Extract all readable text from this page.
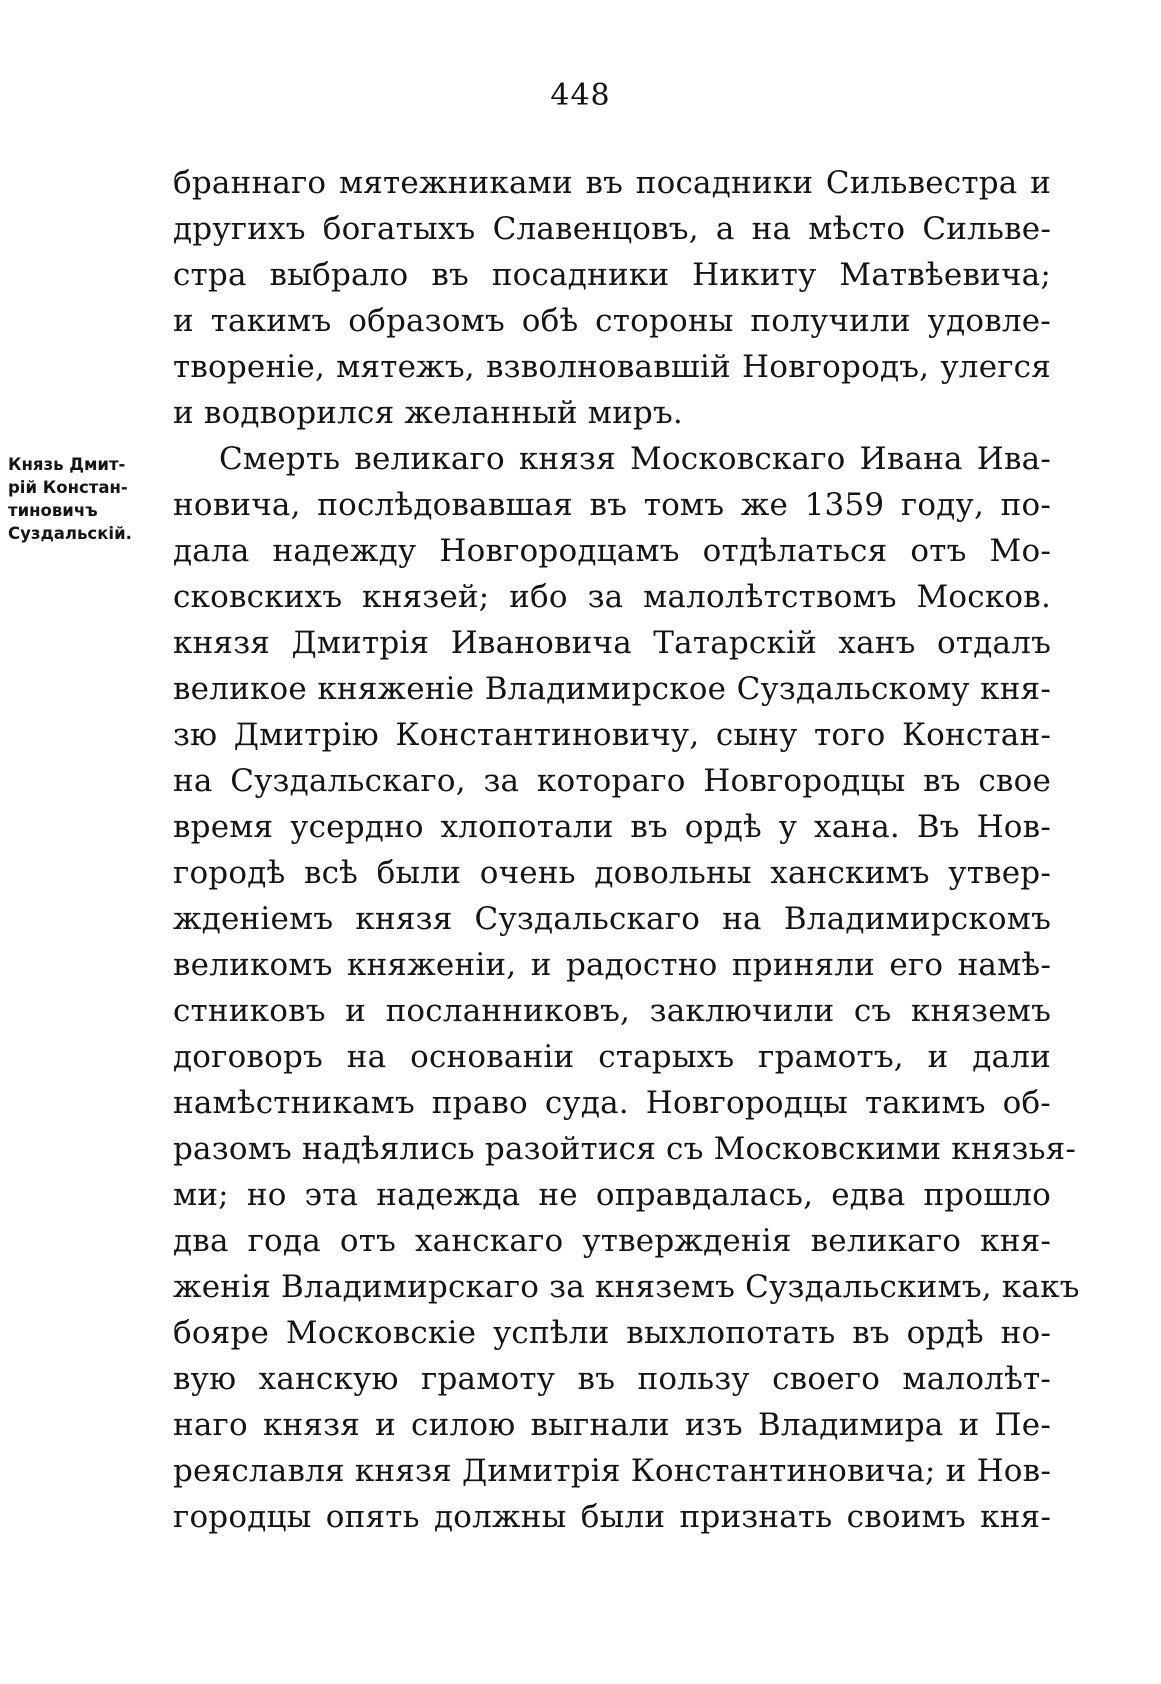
448
Князь Дмит-
рій Констан-
тиновичъ
Суздальскій.
браннаго мятежниками въ посадники Сильвестра и
другихъ богатыхъ Славенцовъ, а на мѣсто Сильве-
стра выбрало въ посадники Никиту Матвѣевича;
и такимъ образомъ обѣ стороны получили удовле-
твореніе, мятежъ, взволновавшій Новгородъ, улегся
и водворился желанный миръ.
Смерть великаго князя Московскаго Ивана Ива-
новича, послѣдовавшая въ томъ же 1359 году, по-
дала надежду Новгородцамъ отдѣлаться отъ Мо-
сковскихъ князей; ибо за малолѣтствомъ Москов.
князя Дмитрія Ивановича Татарскій ханъ отдалъ
великое княженіе Владимирское Суздальскому кня-
зю Дмитрію Константиновичу, сыну того Констан-
на Суздальскаго, за котораго Новгородцы въ свое
время усердно хлопотали въ ордѣ у хана. Въ Нов-
городѣ всѣ были очень довольны ханскимъ утвер-
жденіемъ князя Суздальскаго на Владимирскомъ
великомъ княженіи, и радостно приняли его намѣ-
стниковъ и посланниковъ, заключили съ княземъ
договоръ на основаніи старыхъ грамотъ, и дали
намѣстникамъ право суда. Новгородцы такимъ об-
разомъ надѣялись разойтися съ Московскими князья-
ми; но эта надежда не оправдалась, едва прошло
два года отъ ханскаго утвержденія великаго кня-
женія Владимирскаго за княземъ Суздальскимъ, какъ
бояре Московскіе успѣли выхлопотать въ ордѣ но-
вую ханскую грамоту въ пользу своего малолѣт-
наго князя и силою выгнали изъ Владимира и Пе-
реяславля князя Димитрія Константиновича; и Нов-
городцы опять должны были признать своимъ кня-
